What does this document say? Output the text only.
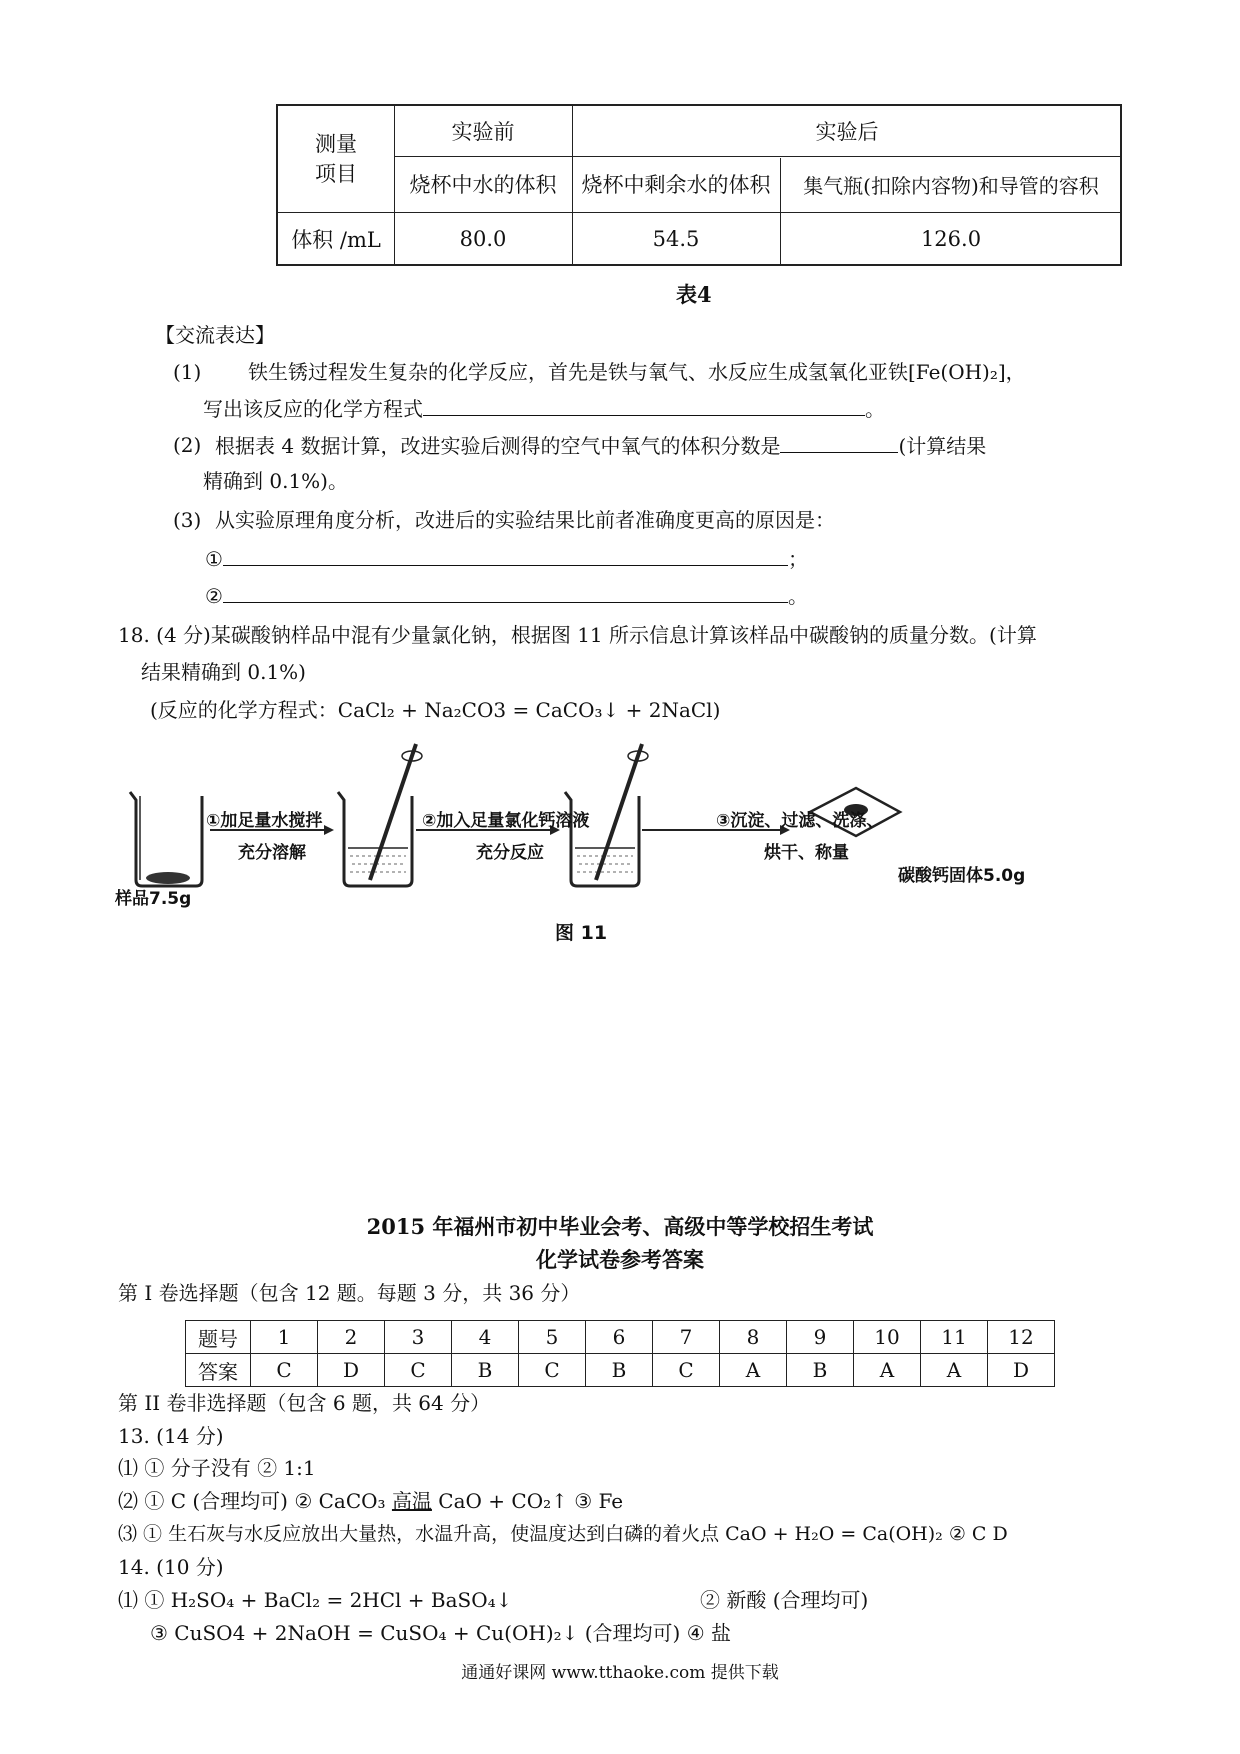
测量项目
实验前	实验后
烧杯中水的体积	烧杯中剩余水的体积	集气瓶(扣除内容物)和导管的容积
体积 /mL	80.0	54.5	126.0
表4
【交流表达】
(1) 铁生锈过程发生复杂的化学反应，首先是铁与氧气、水反应生成氢氧化亚铁[Fe(OH)₂]，
写出该反应的化学方程式	。
(2) 根据表 4 数据计算，改进实验后测得的空气中氧气的体积分数是	(计算结果
精确到 0.1%)。
(3) 从实验原理角度分析，改进后的实验结果比前者准确度更高的原因是：
①	；
②	。
18. (4 分)某碳酸钠样品中混有少量氯化钠，根据图 11 所示信息计算该样品中碳酸钠的质量分数。(计算
结果精确到 0.1%)
(反应的化学方程式：CaCl₂ + Na₂CO3 = CaCO₃↓ + 2NaCl)
样品7.5g
①加足量水搅拌
充分溶解
②加入足量氯化钙溶液
充分反应
③沉淀、过滤、洗涤、
烘干、称量
碳酸钙固体5.0g
图 11
2015 年福州市初中毕业会考、高级中等学校招生考试
化学试卷参考答案
第 I 卷选择题（包含 12 题。每题 3 分，共 36 分）
题号	1	2	3	4	5	6	7	8	9	10	11	12
答案	C	D	C	B	C	B	C	A	B	A	A	D
第 II 卷非选择题（包含 6 题，共 64 分）
13. (14 分)
⑴ ① 分子没有 ② 1:1
⑵ ① C (合理均可) ② CaCO₃ 高温 CaO + CO₂↑ ③ Fe
⑶ ① 生石灰与水反应放出大量热，水温升高，使温度达到白磷的着火点 CaO + H₂O = Ca(OH)₂ ② C D
14. (10 分)
⑴ ① H₂SO₄ + BaCl₂ = 2HCl + BaSO₄↓	② 新酸 (合理均可)
③ CuSO4 + 2NaOH = CuSO₄ + Cu(OH)₂↓ (合理均可) ④ 盐
通通好课网 www.tthaoke.com 提供下载
